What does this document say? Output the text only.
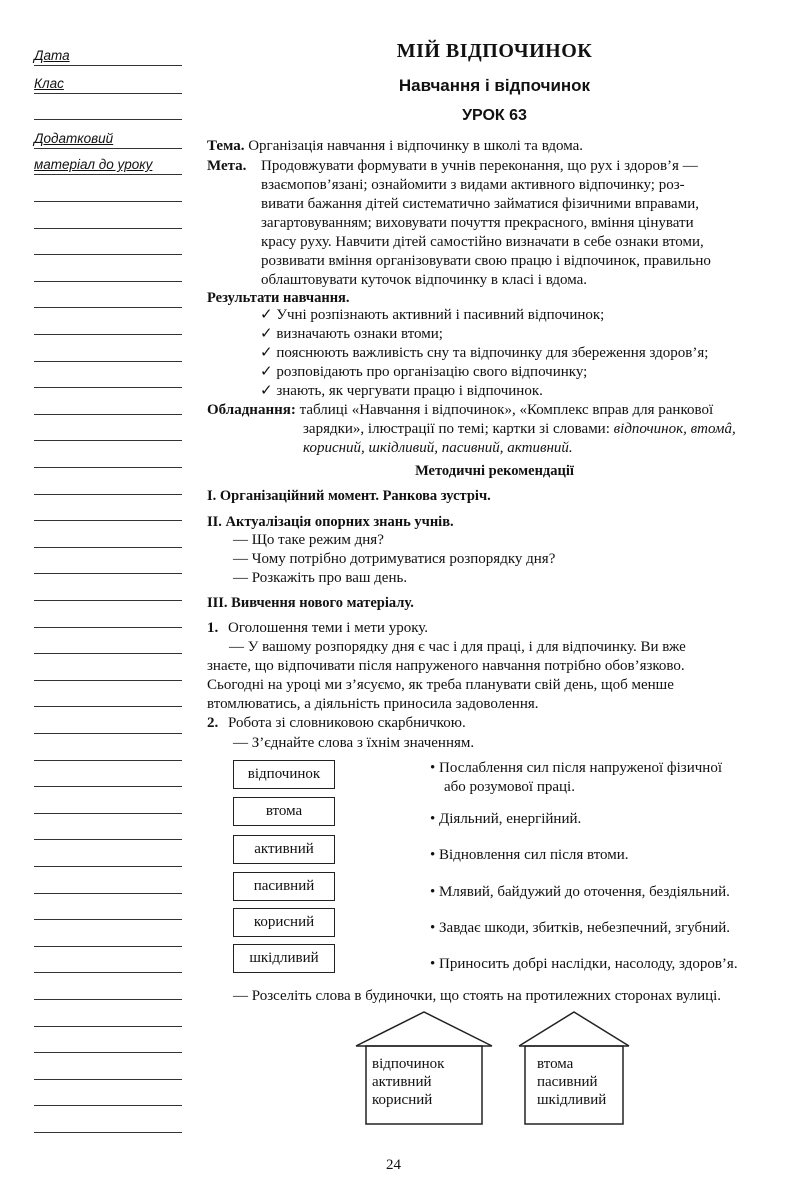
Дата
Клас
Додатковий
матеріал до уроку
МІЙ ВІДПОЧИНОК
Навчання і відпочинок
УРОК 63
Тема. Організація навчання і відпочинку в школі та вдома.
Мета. Продовжувати формувати в учнів переконання, що рух і здоров’я —
взаємопов’язані; ознайомити з видами активного відпочинку; роз-
вивати бажання дітей систематично займатися фізичними вправами,
загартовуванням; виховувати почуття прекрасного, вміння цінувати
красу руху. Навчити дітей самостійно визначати в себе ознаки втоми,
розвивати вміння організовувати свою працю і відпочинок, правильно
облаштовувати куточок відпочинку в класі і вдома.
Результати навчання.
✓ Учні розпізнають активний і пасивний відпочинок;
✓ визначають ознаки втоми;
✓ пояснюють важливість сну та відпочинку для збереження здоров’я;
✓ розповідають про організацію свого відпочинку;
✓ знають, як чергувати працю і відпочинок.
Обладнання: таблиці «Навчання і відпочинок», «Комплекс вправ для ранкової
зарядки», ілюстрації по темі; картки зі словами: відпочинок, втомâ,
корисний, шкідливий, пасивний, активний.
Методичні рекомендації
I. Організаційний момент. Ранкова зустріч.
II. Актуалізація опорних знань учнів.
— Що таке режим дня?
— Чому потрібно дотримуватися розпорядку дня?
— Розкажіть про ваш день.
III. Вивчення нового матеріалу.
1. Оголошення теми і мети уроку.
— У вашому розпорядку дня є час і для праці, і для відпочинку. Ви вже
знаєте, що відпочивати після напруженого навчання потрібно обов’язково.
Сьогодні на уроці ми з’ясуємо, як треба планувати свій день, щоб менше
втомлюватись, а діяльність приносила задоволення.
2. Робота зі словниковою скарбничкою.
— З’єднайте слова з їхнім значенням.
відпочинок
втома
активний
пасивний
корисний
шкідливий
• Послаблення сил після напруженої фізичної
або розумової праці.
• Діяльний, енергійний.
• Відновлення сил після втоми.
• Млявий, байдужий до оточення, бездіяльний.
• Завдає шкоди, збитків, небезпечний, згубний.
• Приносить добрі наслідки, насолоду, здоров’я.
— Розселіть слова в будиночки, що стоять на протилежних сторонах вулиці.
відпочинок
активний
корисний
втома
пасивний
шкідливий
24
